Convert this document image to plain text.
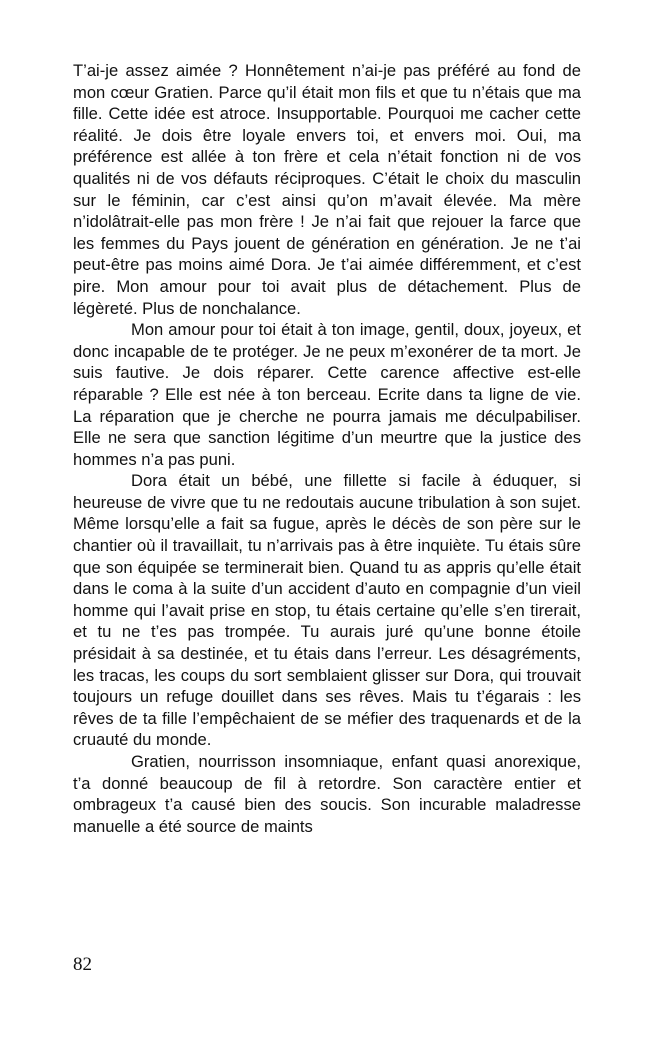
T’ai-je assez aimée ? Honnêtement n’ai-je pas préféré au fond de mon cœur Gratien. Parce qu’il était mon fils et que tu n’étais que ma fille. Cette idée est atroce. Insupportable. Pourquoi me cacher cette réalité. Je dois être loyale envers toi, et envers moi. Oui, ma préférence est allée à ton frère et cela n’était fonction ni de vos qualités ni de vos défauts réciproques. C’était le choix du masculin sur le féminin, car c’est ainsi qu’on m’avait élevée. Ma mère n’idolâtrait-elle pas mon frère ! Je n’ai fait que rejouer la farce que les femmes du Pays jouent de génération en génération. Je ne t’ai peut-être pas moins aimé Dora. Je t’ai aimée différemment, et c’est pire. Mon amour pour toi avait plus de détachement. Plus de légèreté. Plus de nonchalance.

Mon amour pour toi était à ton image, gentil, doux, joyeux, et donc incapable de te protéger. Je ne peux m’exonérer de ta mort. Je suis fautive. Je dois réparer. Cette carence affective est-elle réparable ? Elle est née à ton berceau. Ecrite dans ta ligne de vie. La réparation que je cherche ne pourra jamais me déculpabiliser. Elle ne sera que sanction légitime d’un meurtre que la justice des hommes n’a pas puni.

Dora était un bébé, une fillette si facile à éduquer, si heureuse de vivre que tu ne redoutais aucune tribulation à son sujet. Même lorsqu’elle a fait sa fugue, après le décès de son père sur le chantier où il travaillait, tu n’arrivais pas à être inquiète. Tu étais sûre que son équipée se terminerait bien. Quand tu as appris qu’elle était dans le coma à la suite d’un accident d’auto en compagnie d’un vieil homme qui l’avait prise en stop, tu étais certaine qu’elle s’en tirerait, et tu ne t’es pas trompée. Tu aurais juré qu’une bonne étoile présidait à sa destinée, et tu étais dans l’erreur. Les désagréments, les tracas, les coups du sort semblaient glisser sur Dora, qui trouvait toujours un refuge douillet dans ses rêves. Mais tu t’égarais : les rêves de ta fille l’empêchaient de se méfier des traquenards et de la cruauté du monde.

Gratien, nourrisson insomniaque, enfant quasi anorexique, t’a donné beaucoup de fil à retordre. Son caractère entier et ombrageux t’a causé bien des soucis. Son incurable maladresse manuelle a été source de maints

82
